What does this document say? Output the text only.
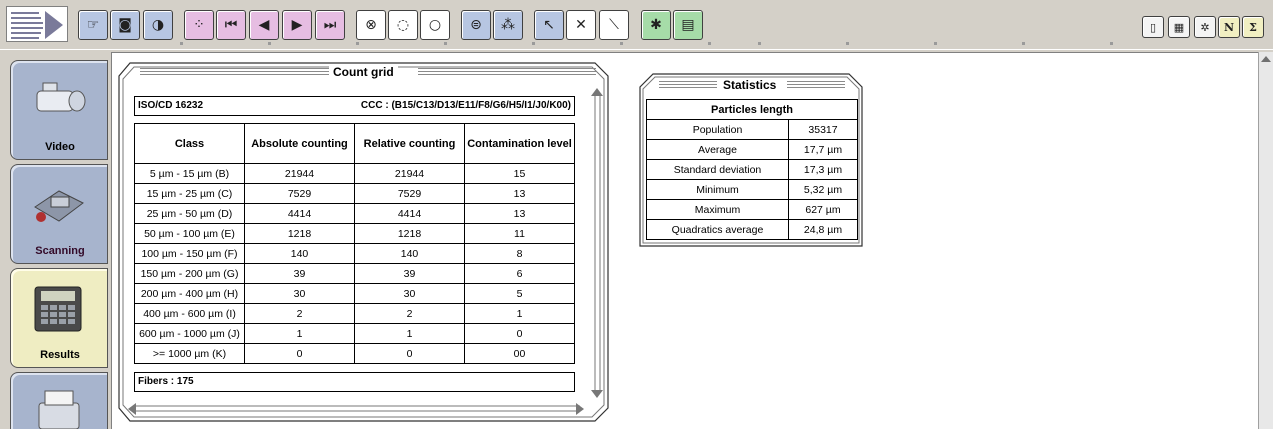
☞ ◙ ◑ ⁘ ⏮ ◀ ▶ ⏭ ⊗ ◌ ○ ⊜ ⁂ ↖ ✕ ⟍ ✱ ▤	▯ ▦ ✲ N Σ
Video
Scanning
Results
Count grid
ISO/CD 16232	CCC : (B15/C13/D13/E11/F8/G6/H5/I1/J0/K00)
Class	Absolute counting	Relative counting	Contamination level
5 µm - 15 µm (B)	21944	21944	15
15 µm - 25 µm (C)	7529	7529	13
25 µm - 50 µm (D)	4414	4414	13
50 µm - 100 µm (E)	1218	1218	11
100 µm - 150 µm (F)	140	140	8
150 µm - 200 µm (G)	39	39	6
200 µm - 400 µm (H)	30	30	5
400 µm - 600 µm (I)	2	2	1
600 µm - 1000 µm (J)	1	1	0
>= 1000 µm (K)	0	0	00
Fibers : 175
Statistics
Particles length	
Population	35317
Average	17,7 µm
Standard deviation	17,3 µm
Minimum	5,32 µm
Maximum	627 µm
Quadratics average	24,8 µm
